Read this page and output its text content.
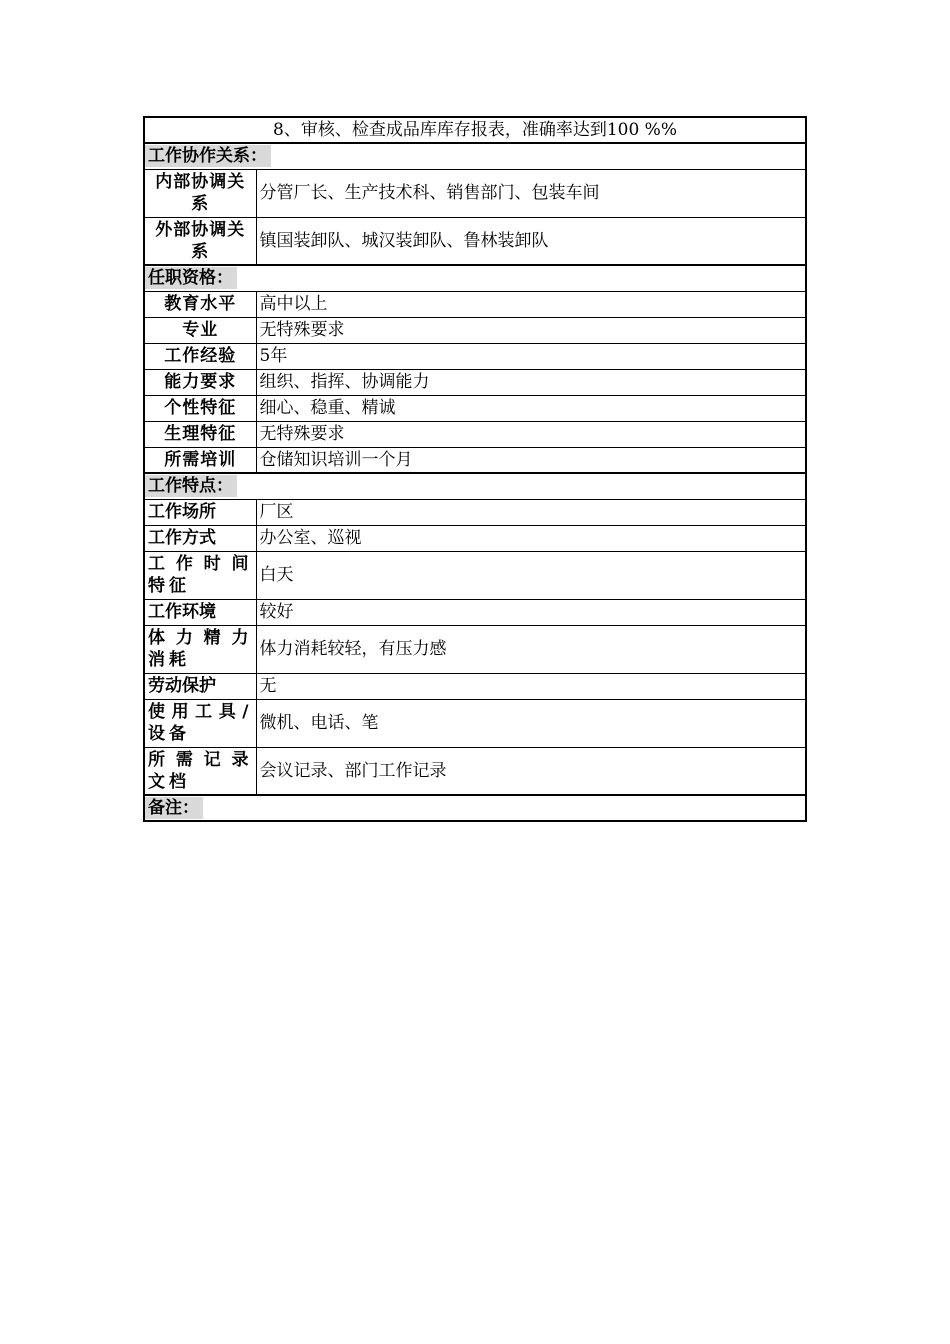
8、审核、检查成品库库存报表，准确率达到100 %%	
工作协作关系：	
内部协调关系	分管厂长、生产技术科、销售部门、包装车间
外部协调关系	镇国装卸队、城汉装卸队、鲁林装卸队
任职资格：	
教育水平	高中以上
专业	无特殊要求
工作经验	5年
能力要求	组织、指挥、协调能力
个性特征	细心、稳重、精诚
生理特征	无特殊要求
所需培训	仓储知识培训一个月
工作特点：	
工作场所	厂区
工作方式	办公室、巡视
工作时间特征	白天
工作环境	较好
体力精力消耗	体力消耗较轻，有压力感
劳动保护	无
使用工具/设备	微机、电话、笔
所需记录文档	会议记录、部门工作记录
备注：	
